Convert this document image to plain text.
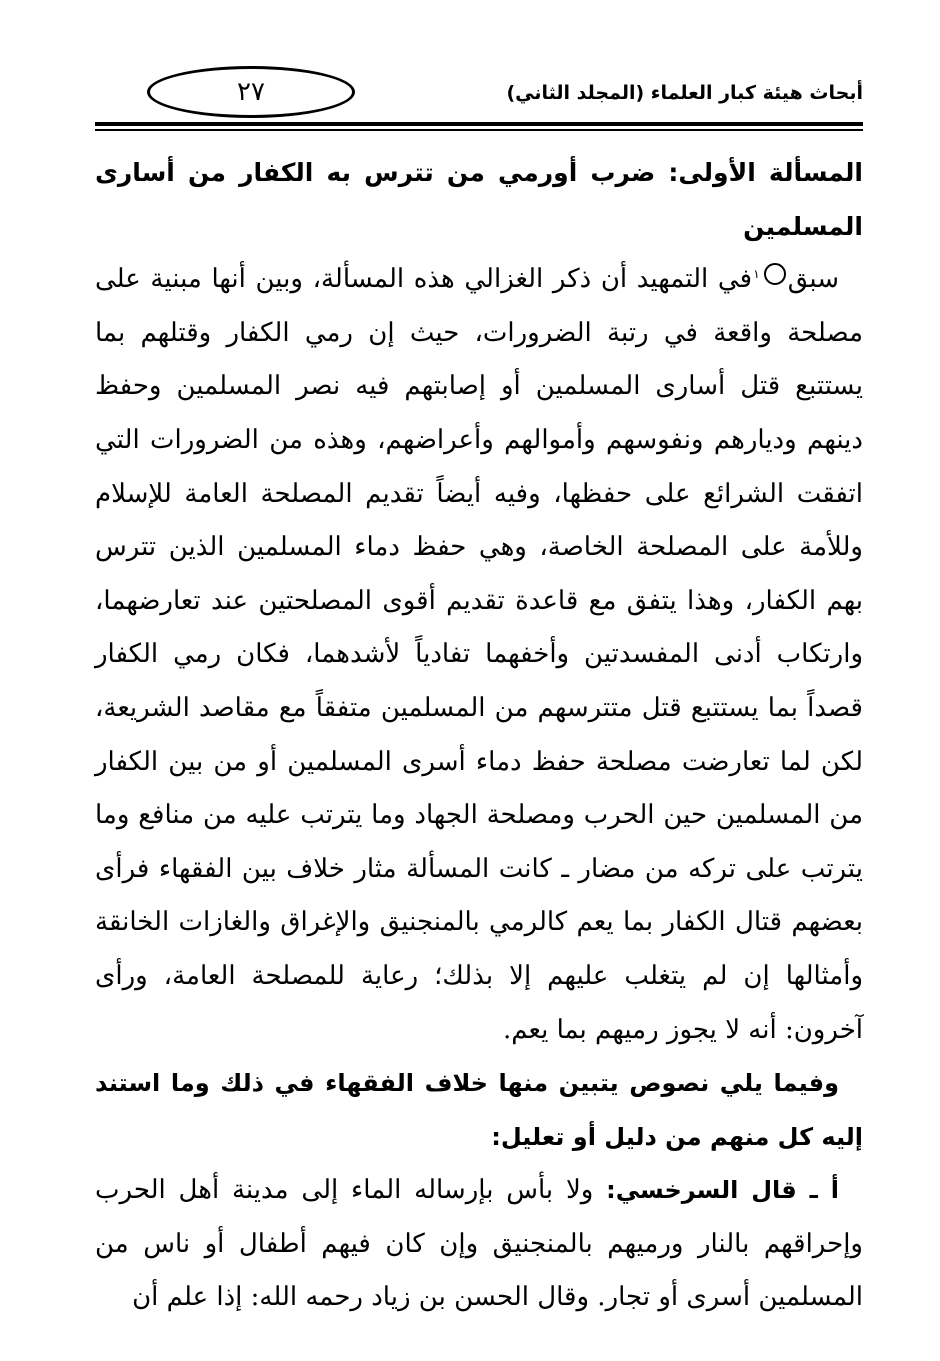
أبحاث هيئة كبار العلماء (المجلد الثاني)
٢٧

المسألة الأولى: ضرب أورمي من تترس به الكفار من أسارى المسلمين

سبق١ في التمهيد أن ذكر الغزالي هذه المسألة، وبين أنها مبنية على مصلحة واقعة في رتبة الضرورات، حيث إن رمي الكفار وقتلهم بما يستتبع قتل أسارى المسلمين أو إصابتهم فيه نصر المسلمين وحفظ دينهم وديارهم ونفوسهم وأموالهم وأعراضهم، وهذه من الضرورات التي اتفقت الشرائع على حفظها، وفيه أيضاً تقديم المصلحة العامة للإسلام وللأمة على المصلحة الخاصة، وهي حفظ دماء المسلمين الذين تترس بهم الكفار، وهذا يتفق مع قاعدة تقديم أقوى المصلحتين عند تعارضهما، وارتكاب أدنى المفسدتين وأخفهما تفادياً لأشدهما، فكان رمي الكفار قصداً بما يستتبع قتل متترسهم من المسلمين متفقاً مع مقاصد الشريعة، لكن لما تعارضت مصلحة حفظ دماء أسرى المسلمين أو من بين الكفار من المسلمين حين الحرب ومصلحة الجهاد وما يترتب عليه من منافع وما يترتب على تركه من مضار ـ كانت المسألة مثار خلاف بين الفقهاء فرأى بعضهم قتال الكفار بما يعم كالرمي بالمنجنيق والإغراق والغازات الخانقة وأمثالها إن لم يتغلب عليهم إلا بذلك؛ رعاية للمصلحة العامة، ورأى آخرون: أنه لا يجوز رميهم بما يعم.

وفيما يلي نصوص يتبين منها خلاف الفقهاء في ذلك وما استند إليه كل منهم من دليل أو تعليل:

أ ـ قال السرخسي: ولا بأس بإرساله الماء إلى مدينة أهل الحرب وإحراقهم بالنار ورميهم بالمنجنيق وإن كان فيهم أطفال أو ناس من المسلمين أسرى أو تجار. وقال الحسن بن زياد رحمه الله: إذا علم أن
